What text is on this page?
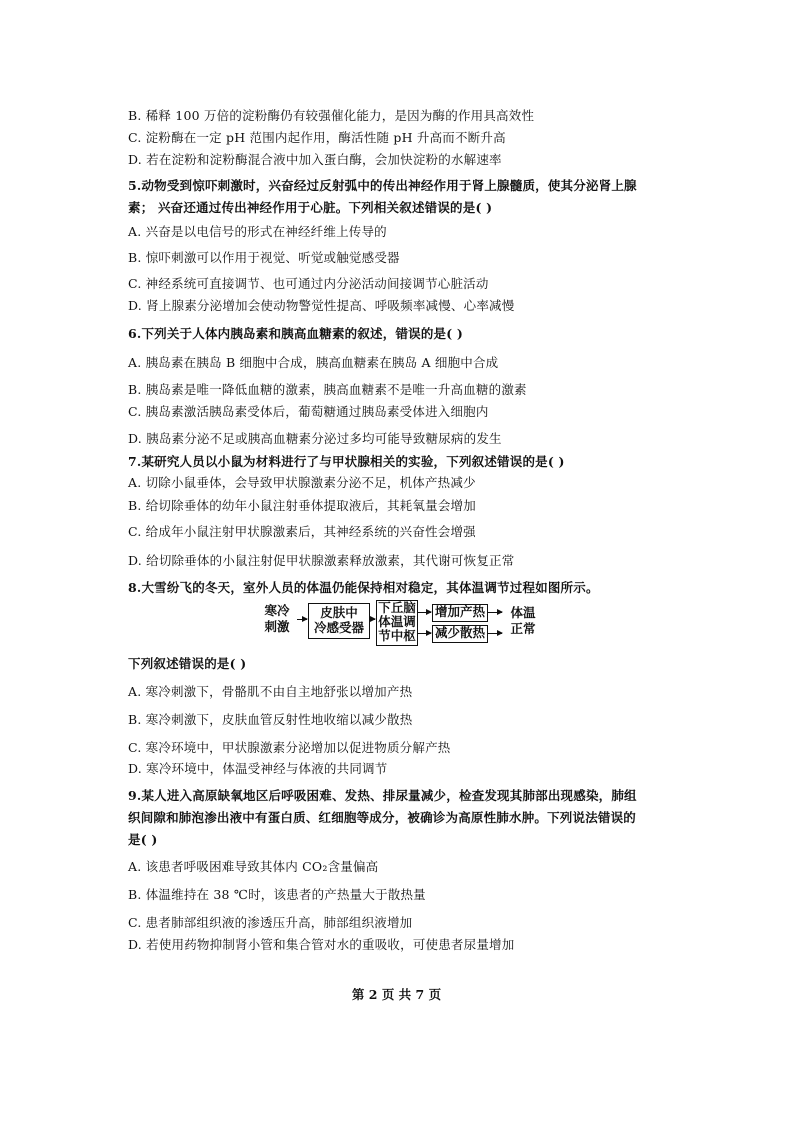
B. 稀释 100 万倍的淀粉酶仍有较强催化能力，是因为酶的作用具高效性
C. 淀粉酶在一定 pH 范围内起作用，酶活性随 pH 升高而不断升高
D. 若在淀粉和淀粉酶混合液中加入蛋白酶，会加快淀粉的水解速率
5.动物受到惊吓刺激时，兴奋经过反射弧中的传出神经作用于肾上腺髓质，使其分泌肾上腺
素； 兴奋还通过传出神经作用于心脏。下列相关叙述错误的是( )
A. 兴奋是以电信号的形式在神经纤维上传导的
B. 惊吓刺激可以作用于视觉、听觉或触觉感受器
C. 神经系统可直接调节、也可通过内分泌活动间接调节心脏活动
D. 肾上腺素分泌增加会使动物警觉性提高、呼吸频率减慢、心率减慢
6.下列关于人体内胰岛素和胰高血糖素的叙述，错误的是( )
A. 胰岛素在胰岛 B 细胞中合成，胰高血糖素在胰岛 A 细胞中合成
B. 胰岛素是唯一降低血糖的激素，胰高血糖素不是唯一升高血糖的激素
C. 胰岛素激活胰岛素受体后，葡萄糖通过胰岛素受体进入细胞内
D. 胰岛素分泌不足或胰高血糖素分泌过多均可能导致糖尿病的发生
7.某研究人员以小鼠为材料进行了与甲状腺相关的实验，下列叙述错误的是( )
A. 切除小鼠垂体，会导致甲状腺激素分泌不足，机体产热减少
B. 给切除垂体的幼年小鼠注射垂体提取液后，其耗氧量会增加
C. 给成年小鼠注射甲状腺激素后，其神经系统的兴奋性会增强
D. 给切除垂体的小鼠注射促甲状腺激素释放激素，其代谢可恢复正常
8.大雪纷飞的冬天，室外人员的体温仍能保持相对稳定，其体温调节过程如图所示。
寒冷
刺激
皮肤中
冷感受器
下丘脑
体温调
节中枢
增加产热
减少散热
体温
正常
下列叙述错误的是( )
A. 寒冷刺激下，骨骼肌不由自主地舒张以增加产热
B. 寒冷刺激下，皮肤血管反射性地收缩以减少散热
C. 寒冷环境中，甲状腺激素分泌增加以促进物质分解产热
D. 寒冷环境中，体温受神经与体液的共同调节
9.某人进入高原缺氧地区后呼吸困难、发热、排尿量减少，检查发现其肺部出现感染，肺组
织间隙和肺泡渗出液中有蛋白质、红细胞等成分，被确诊为高原性肺水肿。下列说法错误的
是( )
A. 该患者呼吸困难导致其体内 CO₂含量偏高
B. 体温维持在 38 ℃时，该患者的产热量大于散热量
C. 患者肺部组织液的渗透压升高，肺部组织液增加
D. 若使用药物抑制肾小管和集合管对水的重吸收，可使患者尿量增加
第 2 页 共 7 页
